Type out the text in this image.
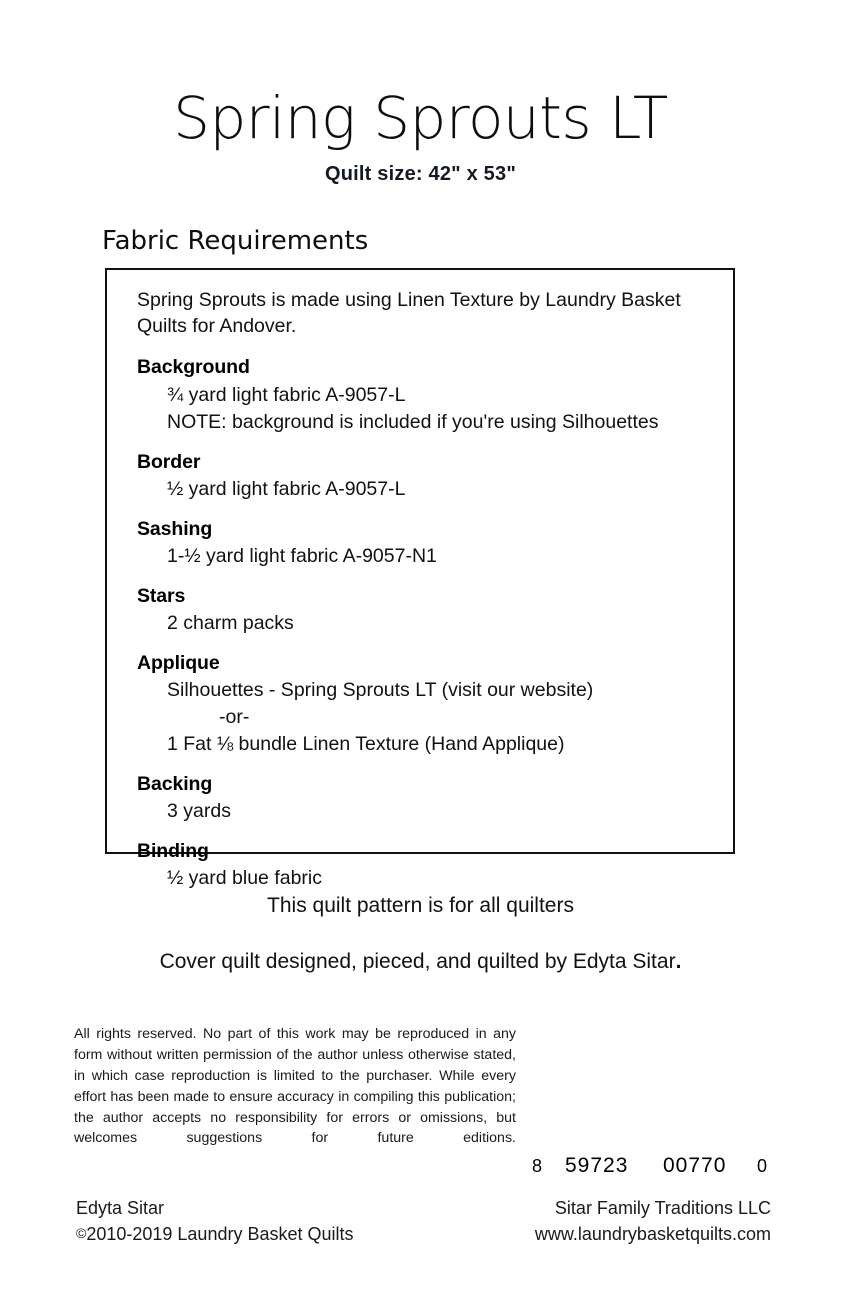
Spring Sprouts LT
Quilt size: 42" x 53"
Fabric Requirements
Spring Sprouts is made using Linen Texture by Laundry Basket Quilts for Andover.
Background
¾ yard light fabric A-9057-L
NOTE: background is included if you're using Silhouettes
Border
½ yard light fabric A-9057-L
Sashing
1-½ yard light fabric A-9057-N1
Stars
2 charm packs
Applique
Silhouettes - Spring Sprouts LT (visit our website)
-or-
1 Fat ⅛ bundle Linen Texture (Hand Applique)
Backing
3 yards
Binding
½ yard blue fabric
This quilt pattern is for all quilters
Cover quilt designed, pieced, and quilted by Edyta Sitar.
All rights reserved. No part of this work may be reproduced in any form without written permission of the author unless otherwise stated, in which case reproduction is limited to the purchaser. While every effort has been made to ensure accuracy in compiling this publication; the author accepts no responsibility for errors or omissions, but welcomes suggestions for future editions.
8 59723 00770 0
Edyta Sitar
©2010-2019 Laundry Basket Quilts
Sitar Family Traditions LLC
www.laundrybasketquilts.com
